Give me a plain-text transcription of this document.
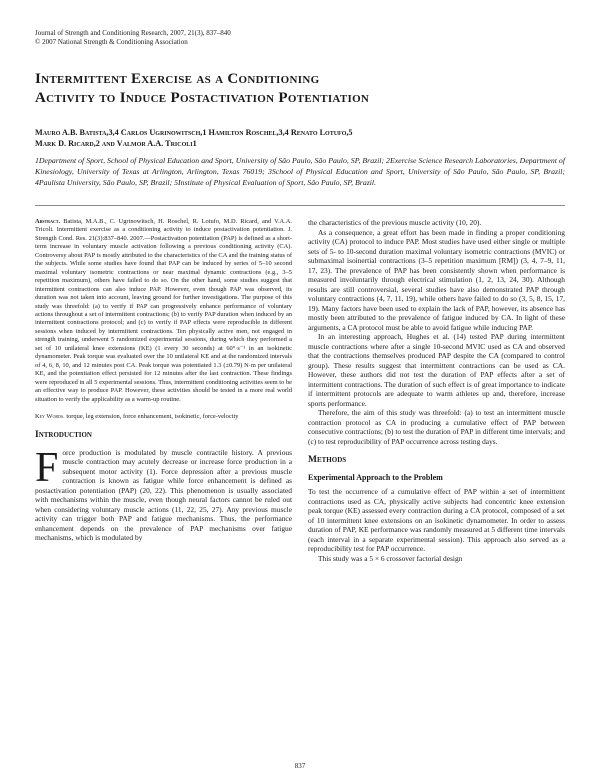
Journal of Strength and Conditioning Research, 2007, 21(3), 837–840
© 2007 National Strength & Conditioning Association
Intermittent Exercise as a Conditioning
Activity to Induce Postactivation Potentiation
Mauro A.B. Batista,3,4 Carlos Ugrinowitsch,1 Hamilton Roschel,3,4 Renato Lotufo,5
Mark D. Ricard,2 and Valmor A.A. Tricoli1
1Department of Sport, School of Physical Education and Sport, University of São Paulo, São Paulo, SP, Brazil; 2Exercise Science Research Laboratories, Department of Kinesiology, University of Texas at Arlington, Arlington, Texas 76019; 3School of Physical Education and Sport, University of São Paulo, São Paulo, SP, Brazil; 4Paulista University, São Paulo, SP, Brazil; 5Institute of Physical Evaluation of Sport, São Paulo, SP, Brazil.
Abstract. Batista, M.A.B., C. Ugrinowitsch, H. Roschel, R. Lotufo, M.D. Ricard, and V.A.A. Tricoli. Intermittent exercise as a conditioning activity to induce postactivation potentiation. J. Strength Cond. Res. 21(3):837–840. 2007.—Postactivation potentiation (PAP) is defined as a short-term increase in voluntary muscle activation following a previous conditioning activity (CA). Controversy about PAP is mostly attributed to the characteristics of the CA and the training status of the subjects. While some studies have found that PAP can be induced by series of 5–10 second maximal voluntary isometric contractions or near maximal dynamic contractions (e.g., 3–5 repetition maximum), others have failed to do so. On the other hand, some studies suggest that intermittent contractions can also induce PAP. However, even though PAP was observed, its duration was not taken into account, leaving ground for further investigations. The purpose of this study was threefold: (a) to verify if PAP can progressively enhance performance of voluntary actions throughout a set of intermittent contractions; (b) to verify PAP duration when induced by an intermittent contractions protocol; and (c) to verify if PAP effects were reproducible in different sessions when induced by intermittent contractions. Ten physically active men, not engaged in strength training, underwent 5 randomized experimental sessions, during which they performed a set of 10 unilateral knee extensions (KE) (1 every 30 seconds) at 60°·s⁻¹ in an isokinetic dynamometer. Peak torque was evaluated over the 10 unilateral KE and at the randomized intervals of 4, 6, 8, 10, and 12 minutes post CA. Peak torque was potentiated 1.3 (±0.79) N·m per unilateral KE, and the potentiation effect persisted for 12 minutes after the last contraction. These findings were reproduced in all 5 experimental sessions. Thus, intermittent conditioning activities seem to be an effective way to produce PAP. However, these activities should be tested in a more real world situation to verify the applicability as a warm-up routine.
Key Words. torque, leg extension, force enhancement, isokinetic, force-velocity
Introduction
Force production is modulated by muscle contractile history. A previous muscle contraction may acutely decrease or increase force production in a subsequent motor activity (1). Force depression after a previous muscle contraction is known as fatigue while force enhancement is defined as postactivation potentiation (PAP) (20, 22). This phenomenon is usually associated with mechanisms within the muscle, even though neural factors cannot be ruled out when considering voluntary muscle actions (11, 22, 25, 27). Any previous muscle activity can trigger both PAP and fatigue mechanisms. Thus, the performance enhancement depends on the prevalence of PAP mechanisms over fatigue mechanisms, which is modulated by
the characteristics of the previous muscle activity (10, 20).
As a consequence, a great effort has been made in finding a proper conditioning activity (CA) protocol to induce PAP. Most studies have used either single or multiple sets of 5- to 10-second duration maximal voluntary isometric contractions (MVIC) or submaximal isoinertial contractions (3–5 repetition maximum [RM]) (3, 4, 7–9, 11, 17, 23). The prevalence of PAP has been consistently shown when performance is measured involuntarily through electrical stimulation (1, 2, 13, 24, 30). Although results are still controversial, several studies have also demonstrated PAP through voluntary contractions (4, 7, 11, 19), while others have failed to do so (3, 5, 8, 15, 17, 19). Many factors have been used to explain the lack of PAP, however, its absence has mostly been attributed to the prevalence of fatigue induced by CA. In light of these arguments, a CA protocol must be able to avoid fatigue while inducing PAP.
In an interesting approach, Hughes et al. (14) tested PAP during intermittent muscle contractions where after a single 10-second MVIC used as CA and observed that the contractions themselves produced PAP despite the CA (compared to control group). These results suggest that intermittent contractions can be used as CA. However, these authors did not test the duration of PAP effects after a set of intermittent contractions. The duration of such effect is of great importance to indicate if intermittent protocols are adequate to warm athletes up and, therefore, increase sports performance.
Therefore, the aim of this study was threefold: (a) to test an intermittent muscle contraction protocol as CA in producing a cumulative effect of PAP between consecutive contractions; (b) to test the duration of PAP in different time intervals; and (c) to test reproducibility of PAP occurrence across testing days.
Methods
Experimental Approach to the Problem
To test the occurrence of a cumulative effect of PAP within a set of intermittent contractions used as CA, physically active subjects had concentric knee extension peak torque (KE) assessed every contraction during a CA protocol, composed of a set of 10 intermittent knee extensions on an isokinetic dynamometer. In order to assess duration of PAP, KE performance was randomly measured at 5 different time intervals (each interval in a separate experimental session). This approach also served as a reproducibility test for PAP occurrence.
This study was a 5 × 6 crossover factorial design
837
